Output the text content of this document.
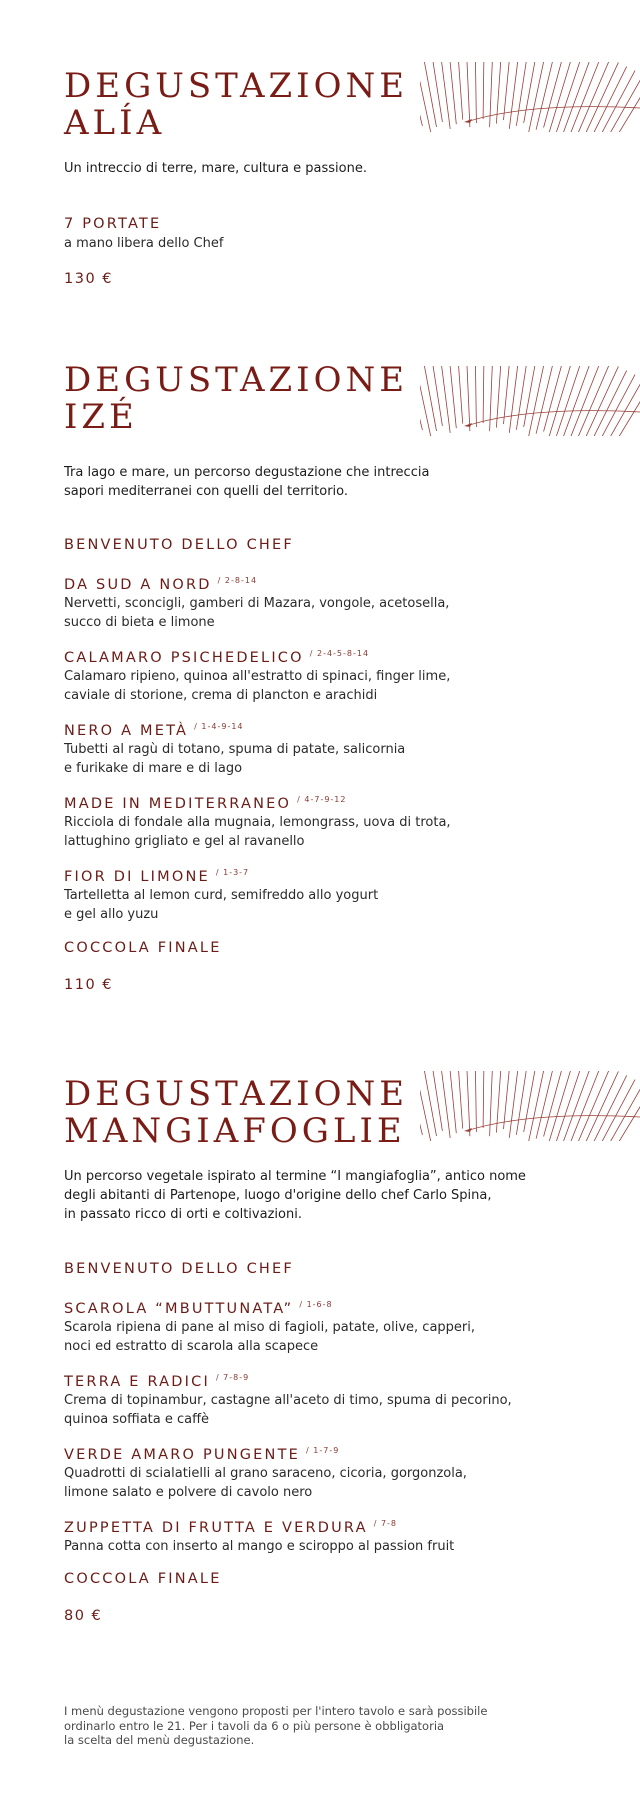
DEGUSTAZIONE
ALÍA

Un intreccio di terre, mare, cultura e passione.

7 PORTATE

a mano libera dello Chef

130 €

DEGUSTAZIONE
IZÉ

Tra lago e mare, un percorso degustazione che intreccia
sapori mediterranei con quelli del territorio.

BENVENUTO DELLO CHEF

DA SUD A NORD $^{/ 2-8-14}$
Nervetti, sconcigli, gamberi di Mazara, vongole, acetosella,
succo di bieta e limone
CALAMARO PSICHEDELICO $^{/ 2-4-5-8-14}$
Calamaro ripieno, quinoa all'estratto di spinaci, finger lime,
caviale di storione, crema di plancton e arachidi
NERO A METÀ $^{/ 1-4-9-14}$
Tubetti al ragù di totano, spuma di patate, salicornia
e furikake di mare e di lago
MADE IN MEDITERRANEO $^{/ 4-7-9-12}$
Ricciola di fondale alla mugnaia, lemongrass, uova di trota,
lattughino grigliato e gel al ravanello
FIOR DI LIMONE $^{/ 1-3-7}$
Tartelletta al lemon curd, semifreddo allo yogurt
e gel allo yuzu

COCCOLA FINALE

110 €

DEGUSTAZIONE
MANGIAFOGLIE

Un percorso vegetale ispirato al termine “I mangiafoglia”, antico nome
degli abitanti di Partenope, luogo d'origine dello chef Carlo Spina,
in passato ricco di orti e coltivazioni.

BENVENUTO DELLO CHEF

SCAROLA “MBUTTUNATA” $^{/ 1-6-8}$
Scarola ripiena di pane al miso di fagioli, patate, olive, capperi,
noci ed estratto di scarola alla scapece
TERRA E RADICI $^{/ 7-8-9}$
Crema di topinambur, castagne all'aceto di timo, spuma di pecorino,
quinoa soffiata e caffè
VERDE AMARO PUNGENTE $^{/ 1-7-9}$
Quadrotti di scialatielli al grano saraceno, cicoria, gorgonzola,
limone salato e polvere di cavolo nero
ZUPPETTA DI FRUTTA E VERDURA $^{/ 7-8}$
Panna cotta con inserto al mango e sciroppo al passion fruit

COCCOLA FINALE

80 €

I menù degustazione vengono proposti per l'intero tavolo e sarà possibile
ordinarlo entro le 21. Per i tavoli da 6 o più persone è obbligatoria
la scelta del menù degustazione.
